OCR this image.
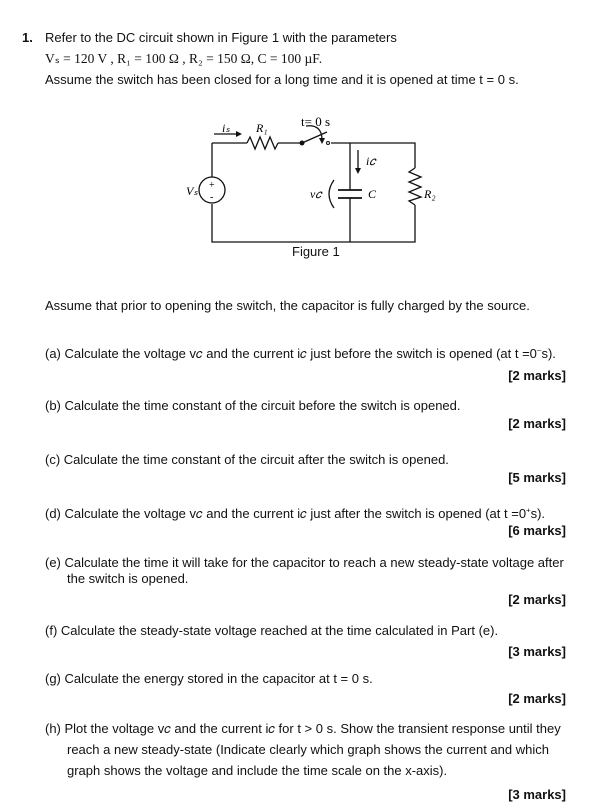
1. Refer to the DC circuit shown in Figure 1 with the parameters
Vₛ = 120 V , R₁ = 100 Ω , R₂ = 150 Ω, C = 100 µF.
Assume the switch has been closed for a long time and it is opened at time t = 0 s.
t= 0 s
iₛ R₁
Vₛ +
-	v𝑐
i𝑐
C	R₂
Figure 1
Assume that prior to opening the switch, the capacitor is fully charged by the source.
(a) Calculate the voltage v𝑐 and the current i𝑐 just before the switch is opened (at t =0⁻s).
[2 marks]
(b) Calculate the time constant of the circuit before the switch is opened.
[2 marks]
(c) Calculate the time constant of the circuit after the switch is opened.
[5 marks]
(d) Calculate the voltage v𝑐 and the current i𝑐 just after the switch is opened (at t =0⁺s).
[6 marks]
(e) Calculate the time it will take for the capacitor to reach a new steady-state voltage after
the switch is opened.
[2 marks]
(f) Calculate the steady-state voltage reached at the time calculated in Part (e).
[3 marks]
(g) Calculate the energy stored in the capacitor at t = 0 s.
[2 marks]
(h) Plot the voltage v𝑐 and the current i𝑐 for t > 0 s. Show the transient response until they
reach a new steady-state (Indicate clearly which graph shows the current and which
graph shows the voltage and include the time scale on the x-axis).
[3 marks]
